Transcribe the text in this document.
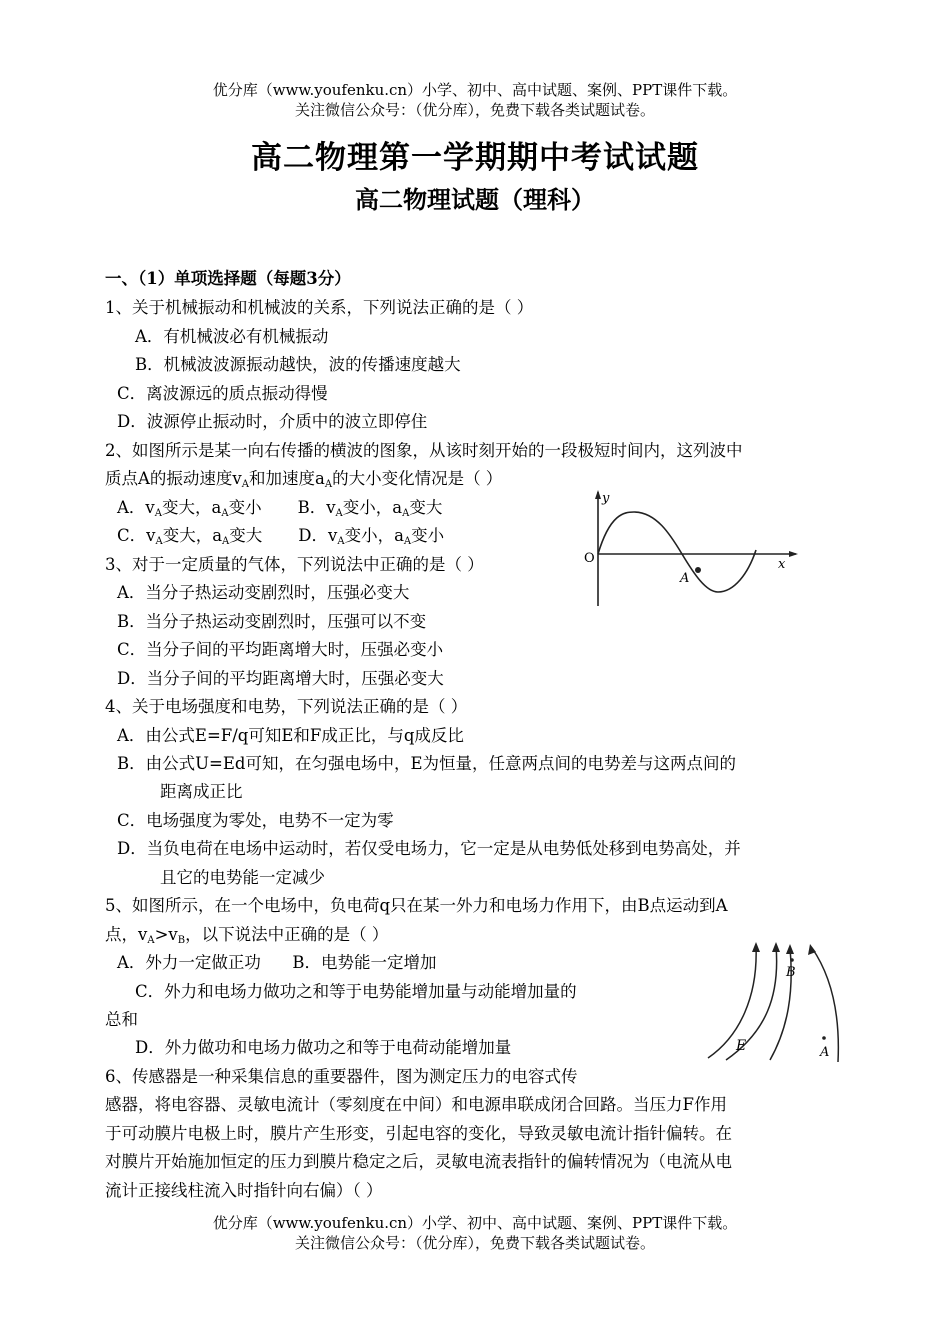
优分库（www.youfenku.cn）小学、初中、高中试题、案例、PPT课件下载。
关注微信公众号：（优分库），免费下载各类试题试卷。
高二物理第一学期期中考试试题
高二物理试题（理科）
一、（1）单项选择题（每题3分）
1、关于机械振动和机械波的关系，下列说法正确的是（ ）
A．有机械波必有机械振动
B．机械波波源振动越快，波的传播速度越大
C．离波源远的质点振动得慢
D．波源停止振动时，介质中的波立即停住
2、如图所示是某一向右传播的横波的图象，从该时刻开始的一段极短时间内，这列波中
质点A的振动速度$v_A$和加速度$a_A$的大小变化情况是（ ）
A．$v_A$变大，$a_A$变小 B．$v_A$变小，$a_A$变大
C．$v_A$变大，$a_A$变大 D．$v_A$变小，$a_A$变小
y
x
O
A
3、对于一定质量的气体，下列说法中正确的是（ ）
A．当分子热运动变剧烈时，压强必变大
B．当分子热运动变剧烈时，压强可以不变
C．当分子间的平均距离增大时，压强必变小
D．当分子间的平均距离增大时，压强必变大
4、关于电场强度和电势，下列说法正确的是（ ）
A．由公式E=F/q可知E和F成正比，与q成反比
B．由公式U=Ed可知，在匀强电场中，E为恒量，任意两点间的电势差与这两点间的
距离成正比
C．电场强度为零处，电势不一定为零
D．当负电荷在电场中运动时，若仅受电场力，它一定是从电势低处移到电势高处，并
且它的电势能一定减少
5、如图所示，在一个电场中，负电荷q只在某一外力和电场力作用下，由B点运动到A
点，$v_A>v_B$，以下说法中正确的是（ ）
A．外力一定做正功      B．电势能一定增加
C．外力和电场力做功之和等于电势能增加量与动能增加量的
总和
D．外力做功和电场力做功之和等于电荷动能增加量
B
A
E
6、传感器是一种采集信息的重要器件，图为测定压力的电容式传
感器，将电容器、灵敏电流计（零刻度在中间）和电源串联成闭合回路。当压力F作用
于可动膜片电极上时，膜片产生形变，引起电容的变化，导致灵敏电流计指针偏转。在
对膜片开始施加恒定的压力到膜片稳定之后，灵敏电流表指针的偏转情况为（电流从电
流计正接线柱流入时指针向右偏）（ ）
优分库（www.youfenku.cn）小学、初中、高中试题、案例、PPT课件下载。
关注微信公众号：（优分库），免费下载各类试题试卷。
